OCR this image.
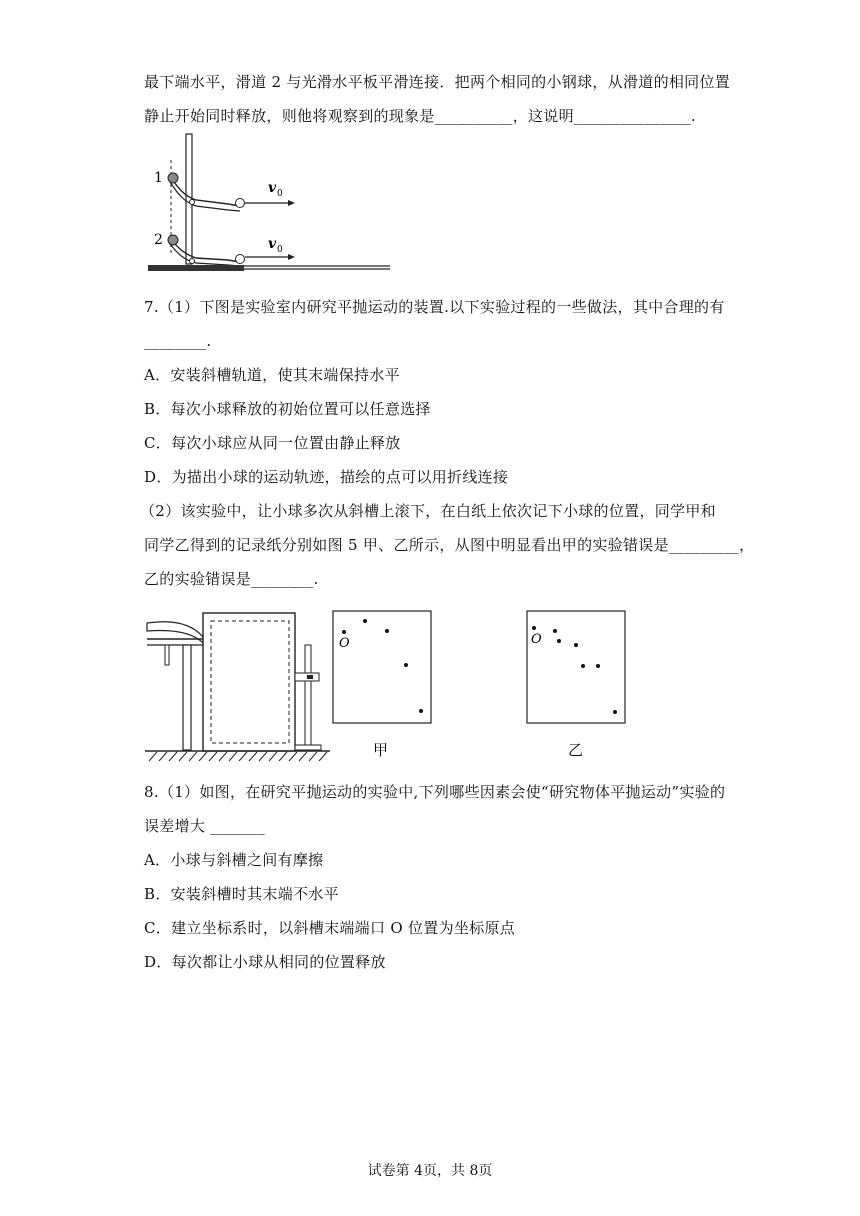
最下端水平，滑道 2 与光滑水平板平滑连接．把两个相同的小钢球，从滑道的相同位置
静止开始同时释放，则他将观察到的现象是__________，这说明_______________.
1
2
v 0
v 0
7.（1）下图是实验室内研究平抛运动的装置.以下实验过程的一些做法，其中合理的有
________.
A．安装斜槽轨道，使其末端保持水平
B．每次小球释放的初始位置可以任意选择
C．每次小球应从同一位置由静止释放
D．为描出小球的运动轨迹，描绘的点可以用折线连接
（2）该实验中，让小球多次从斜槽上滚下，在白纸上依次记下小球的位置，同学甲和
同学乙得到的记录纸分别如图 5 甲、乙所示，从图中明显看出甲的实验错误是_________，
乙的实验错误是________.
O
甲
O
乙
8.（1）如图，在研究平抛运动的实验中,下列哪些因素会使“研究物体平抛运动”实验的
误差增大 _______
A．小球与斜槽之间有摩擦
B．安装斜槽时其末端不水平
C．建立坐标系时，以斜槽末端端口 O 位置为坐标原点
D．每次都让小球从相同的位置释放
试卷第 4页，共 8页
